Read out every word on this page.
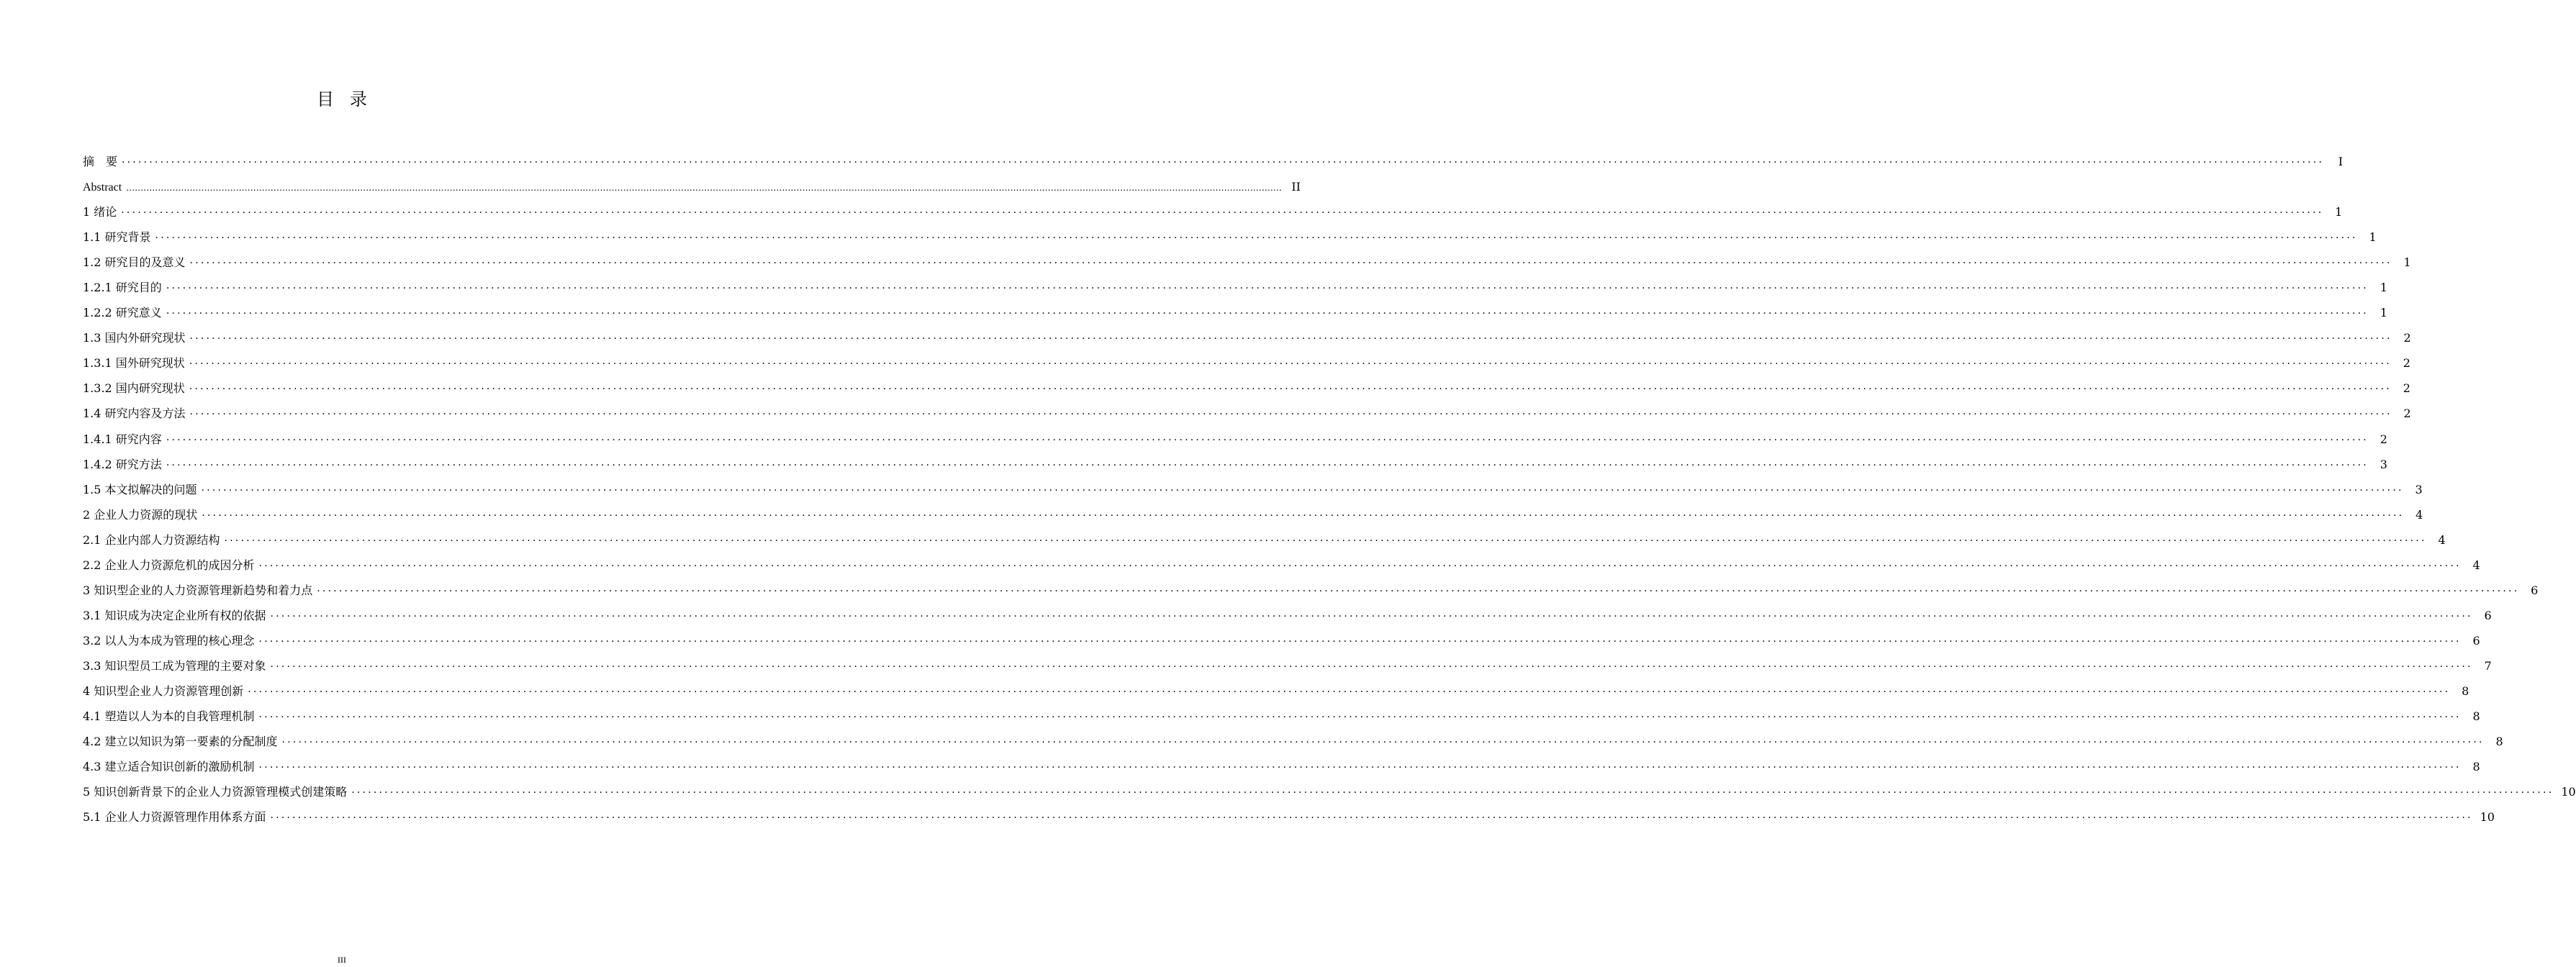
目录
摘　要 ················································································································································································································································································································································································································	I
Abstract ................................................................................................................................................................................................................................................................................................................................................................................................................ II
1 绪论 ················································································································································································································································································································································································································ 1
1.1 研究背景 ················································································································································································································································································································································································································ 1
1.2 研究目的及意义 ················································································································································································································································································································································································································ 1
1.2.1 研究目的 ················································································································································································································································································································································································································ 1
1.2.2 研究意义 ················································································································································································································································································································································································································ 1
1.3 国内外研究现状 ················································································································································································································································································································································································································ 2
1.3.1 国外研究现状 ················································································································································································································································································································································································································ 2
1.3.2 国内研究现状 ················································································································································································································································································································································································································ 2
1.4 研究内容及方法 ················································································································································································································································································································································································································ 2
1.4.1 研究内容 ················································································································································································································································································································································································································ 2
1.4.2 研究方法 ················································································································································································································································································································································································································ 3
1.5 本文拟解决的问题 ················································································································································································································································································································································································································ 3
2 企业人力资源的现状 ················································································································································································································································································································································································································ 4
2.1 企业内部人力资源结构 ················································································································································································································································································································································································································ 4
2.2 企业人力资源危机的成因分析 ················································································································································································································································································································································································································ 4
3 知识型企业的人力资源管理新趋势和着力点 ················································································································································································································································································································································································································ 6
3.1 知识成为决定企业所有权的依据 ················································································································································································································································································································································································································ 6
3.2 以人为本成为管理的核心理念 ················································································································································································································································································································································································································ 6
3.3 知识型员工成为管理的主要对象 ················································································································································································································································································································································································································ 7
4 知识型企业人力资源管理创新 ················································································································································································································································································································································································································ 8
4.1 塑造以人为本的自我管理机制 ················································································································································································································································································································································································································ 8
4.2 建立以知识为第一要素的分配制度 ················································································································································································································································································································································································································ 8
4.3 建立适合知识创新的激励机制 ················································································································································································································································································································································································································ 8
5 知识创新背景下的企业人力资源管理模式创建策略 ················································································································································································································································································································································································································ 10
5.1 企业人力资源管理作用体系方面 ················································································································································································································································································································································································································ 10
III
